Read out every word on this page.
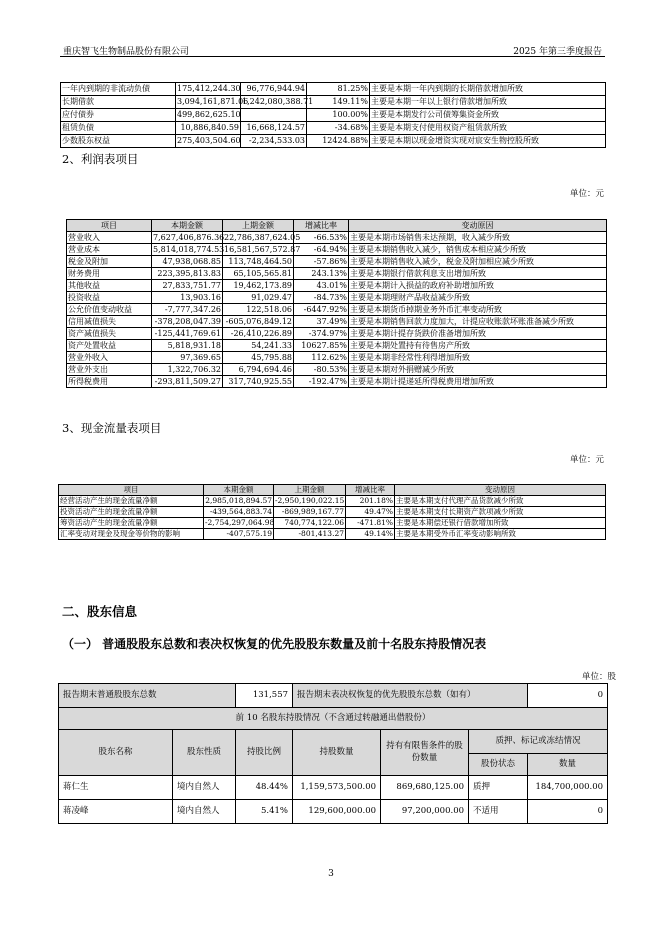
重庆智飞生物制品股份有限公司	2025 年第三季度报告
一年内到期的非流动负债	175,412,244.30	96,776,944.94	81.25%	主要是本期一年内到期的长期借款增加所致
长期借款	3,094,161,871.06	1,242,080,388.71	149.11%	主要是本期一年以上银行借款增加所致
应付债券	499,862,625.10		100.00%	主要是本期发行公司债筹集资金所致
租赁负债	10,886,840.59	16,668,124.57	-34.68%	主要是本期支付使用权资产租赁款所致
少数股东权益	275,403,504.60	-2,234,533.03	12424.88%	主要是本期以现金增资实现对宸安生物控股所致
2、利润表项目
单位：元
项目	本期金额	上期金额	增减比率	变动原因
营业收入	7,627,406,876.36	22,786,387,624.05	-66.53%	主要是本期市场销售未达预期，收入减少所致
营业成本	5,814,018,774.53	16,581,567,572.87	-64.94%	主要是本期销售收入减少，销售成本相应减少所致
税金及附加	47,938,068.85	113,748,464.50	-57.86%	主要是本期销售收入减少，税金及附加相应减少所致
财务费用	223,395,813.83	65,105,565.81	243.13%	主要是本期银行借款利息支出增加所致
其他收益	27,833,751.77	19,462,173.89	43.01%	主要是本期计入损益的政府补助增加所致
投资收益	13,903.16	91,029.47	-84.73%	主要是本期理财产品收益减少所致
公允价值变动收益	-7,777,347.26	122,518.06	-6447.92%	主要是本期货币掉期业务外币汇率变动所致
信用减值损失	-378,208,047.39	-605,076,849.12	37.49%	主要是本期销售回款力度加大，计提应收账款坏账准备减少所致
资产减值损失	-125,441,769.61	-26,410,226.89	-374.97%	主要是本期计提存货跌价准备增加所致
资产处置收益	5,818,931.18	54,241.33	10627.85%	主要是本期处置持有待售房产所致
营业外收入	97,369.65	45,795.88	112.62%	主要是本期非经常性利得增加所致
营业外支出	1,322,706.32	6,794,694.46	-80.53%	主要是本期对外捐赠减少所致
所得税费用	-293,811,509.27	317,740,925.55	-192.47%	主要是本期计提递延所得税费用增加所致
3、现金流量表项目
单位：元
项目	本期金额	上期金额	增减比率	变动原因
经营活动产生的现金流量净额	2,985,018,894.57	-2,950,190,022.15	201.18%	主要是本期支付代理产品货款减少所致
投资活动产生的现金流量净额	-439,564,883.74	-869,989,167.77	49.47%	主要是本期支付长期资产款项减少所致
筹资活动产生的现金流量净额	-2,754,297,064.98	740,774,122.06	-471.81%	主要是本期偿还银行借款增加所致
汇率变动对现金及现金等价物的影响	-407,575.19	-801,413.27	49.14%	主要是本期受外币汇率变动影响所致
二、股东信息
（一） 普通股股东总数和表决权恢复的优先股股东数量及前十名股东持股情况表
单位：股
报告期末普通股股东总数		131,557	报告期末表决权恢复的优先股股东总数（如有）			0
前 10 名股东持股情况（不含通过转融通出借股份）						
股东名称	股东性质	持股比例	持股数量	持有有限售条件的股份数量	质押、标记或冻结情况	
					股份状态	数量
蒋仁生	境内自然人	48.44%	1,159,573,500.00	869,680,125.00	质押	184,700,000.00
蒋凌峰	境内自然人	5.41%	129,600,000.00	97,200,000.00	不适用	0
3
